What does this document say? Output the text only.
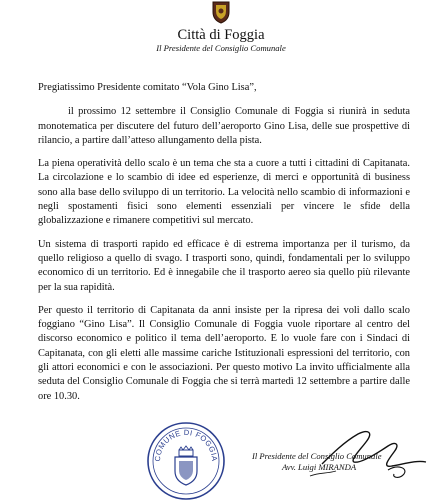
Città di Foggia
Il Presidente del Consiglio Comunale

Pregiatissimo Presidente comitato “Vola Gino Lisa”,

il prossimo 12 settembre il Consiglio Comunale di Foggia si riunirà in seduta monotematica per discutere del futuro dell’aeroporto Gino Lisa, delle sue prospettive di rilancio, a partire dall’atteso allungamento della pista.

La piena operatività dello scalo è un tema che sta a cuore a tutti i cittadini di Capitanata. La circolazione e lo scambio di idee ed esperienze, di merci e opportunità di business sono alla base dello sviluppo di un territorio. La velocità nello scambio di informazioni e negli spostamenti fisici sono elementi essenziali per vincere le sfide della globalizzazione e rimanere competitivi sul mercato.

Un sistema di trasporti rapido ed efficace è di estrema importanza per il turismo, da quello religioso a quello di svago. I trasporti sono, quindi, fondamentali per lo sviluppo economico di un territorio. Ed è innegabile che il trasporto aereo sia quello più rilevante per la sua rapidità.

Per questo il territorio di Capitanata da anni insiste per la ripresa dei voli dallo scalo foggiano “Gino Lisa”. Il Consiglio Comunale di Foggia vuole riportare al centro del discorso economico e politico il tema dell’aeroporto. E lo vuole fare con i Sindaci di Capitanata, con gli eletti alle massime cariche Istituzionali espressioni del territorio, con gli attori economici e con le associazioni. Per questo motivo La invito ufficialmente alla seduta del Consiglio Comunale di Foggia che si terrà martedì 12 settembre a partire dalle ore 10.30.

COMUNE DI FOGGIA	Il Presidente del Consiglio Comunale
Avv. Luigi MIRANDA
